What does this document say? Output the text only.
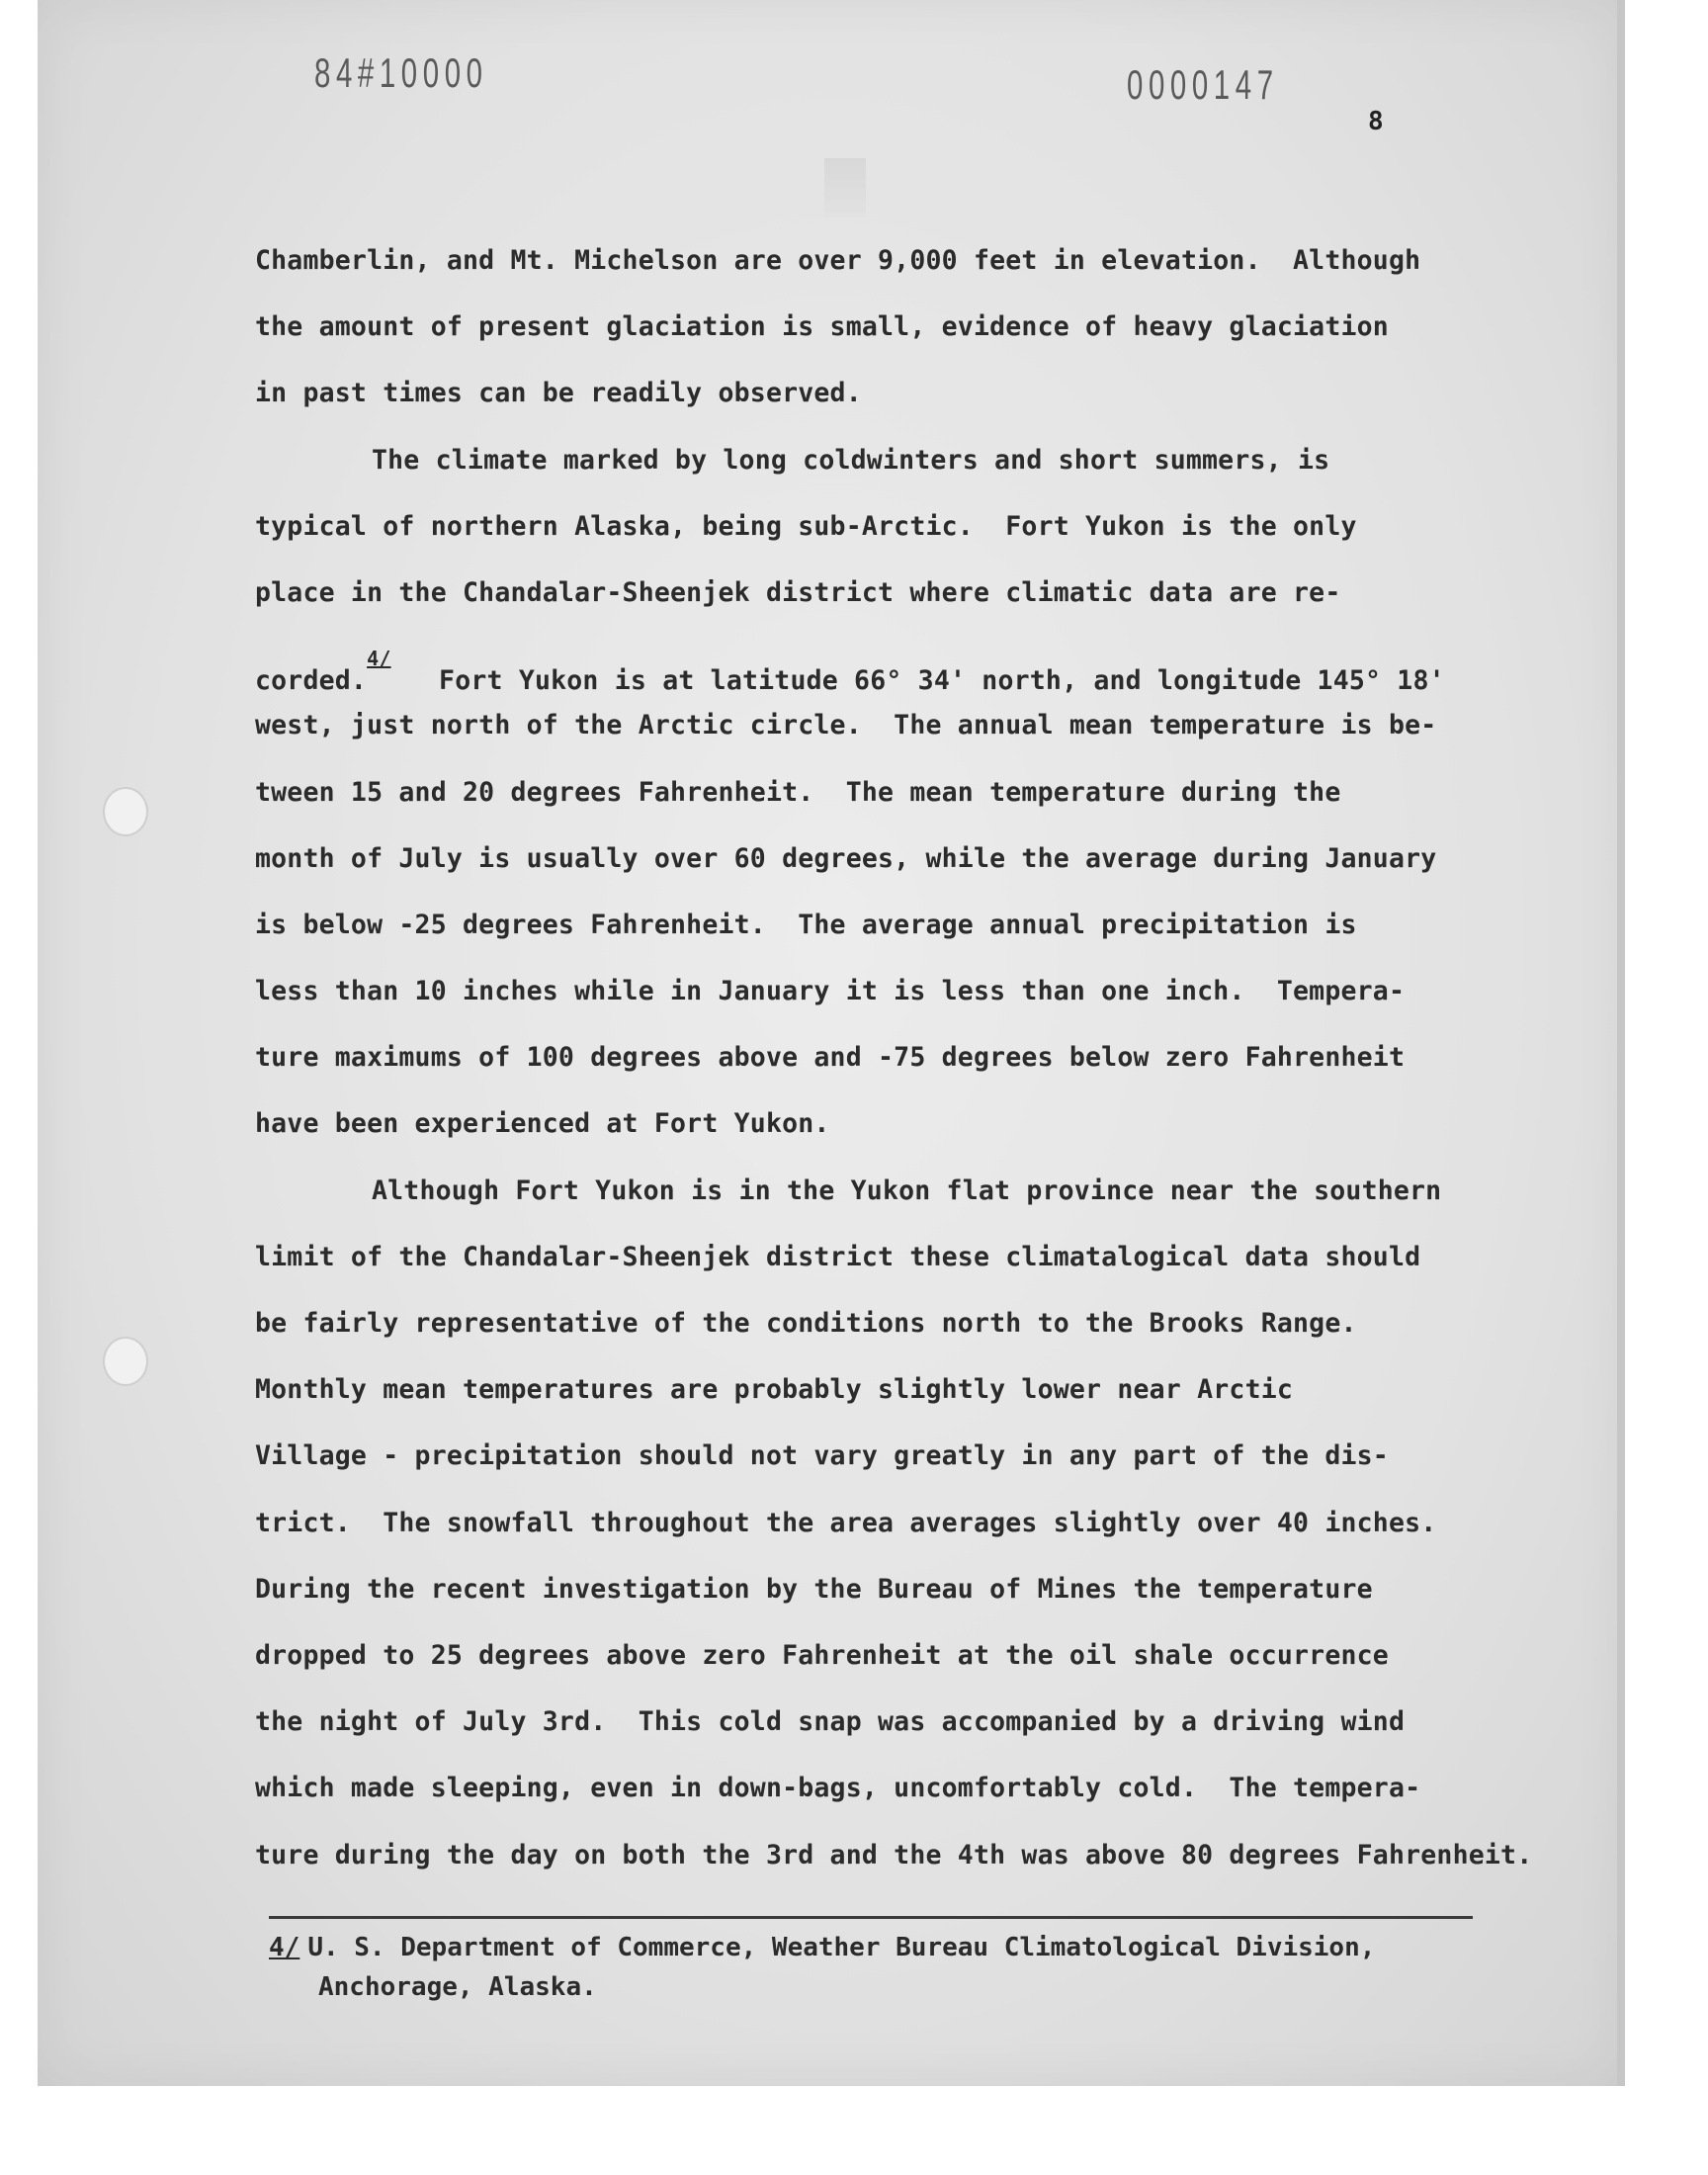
84#10000	0000147
8
Chamberlin, and Mt. Michelson are over 9,000 feet in elevation.  Although
the amount of present glaciation is small, evidence of heavy glaciation
in past times can be readily observed.
The climate marked by long coldwinters and short summers, is
typical of northern Alaska, being sub-Arctic.  Fort Yukon is the only
place in the Chandalar-Sheenjek district where climatic data are re-
corded.$^{4/}$   Fort Yukon is at latitude 66° 34' north, and longitude 145° 18'
west, just north of the Arctic circle.  The annual mean temperature is be-
tween 15 and 20 degrees Fahrenheit.  The mean temperature during the
month of July is usually over 60 degrees, while the average during January
is below -25 degrees Fahrenheit.  The average annual precipitation is
less than 10 inches while in January it is less than one inch.  Tempera-
ture maximums of 100 degrees above and -75 degrees below zero Fahrenheit
have been experienced at Fort Yukon.
Although Fort Yukon is in the Yukon flat province near the southern
limit of the Chandalar-Sheenjek district these climatalogical data should
be fairly representative of the conditions north to the Brooks Range.
Monthly mean temperatures are probably slightly lower near Arctic
Village - precipitation should not vary greatly in any part of the dis-
trict.  The snowfall throughout the area averages slightly over 40 inches.
During the recent investigation by the Bureau of Mines the temperature
dropped to 25 degrees above zero Fahrenheit at the oil shale occurrence
the night of July 3rd.  This cold snap was accompanied by a driving wind
which made sleeping, even in down-bags, uncomfortably cold.  The tempera-
ture during the day on both the 3rd and the 4th was above 80 degrees Fahrenheit.
4/ U. S. Department of Commerce, Weather Bureau Climatological Division,
Anchorage, Alaska.
